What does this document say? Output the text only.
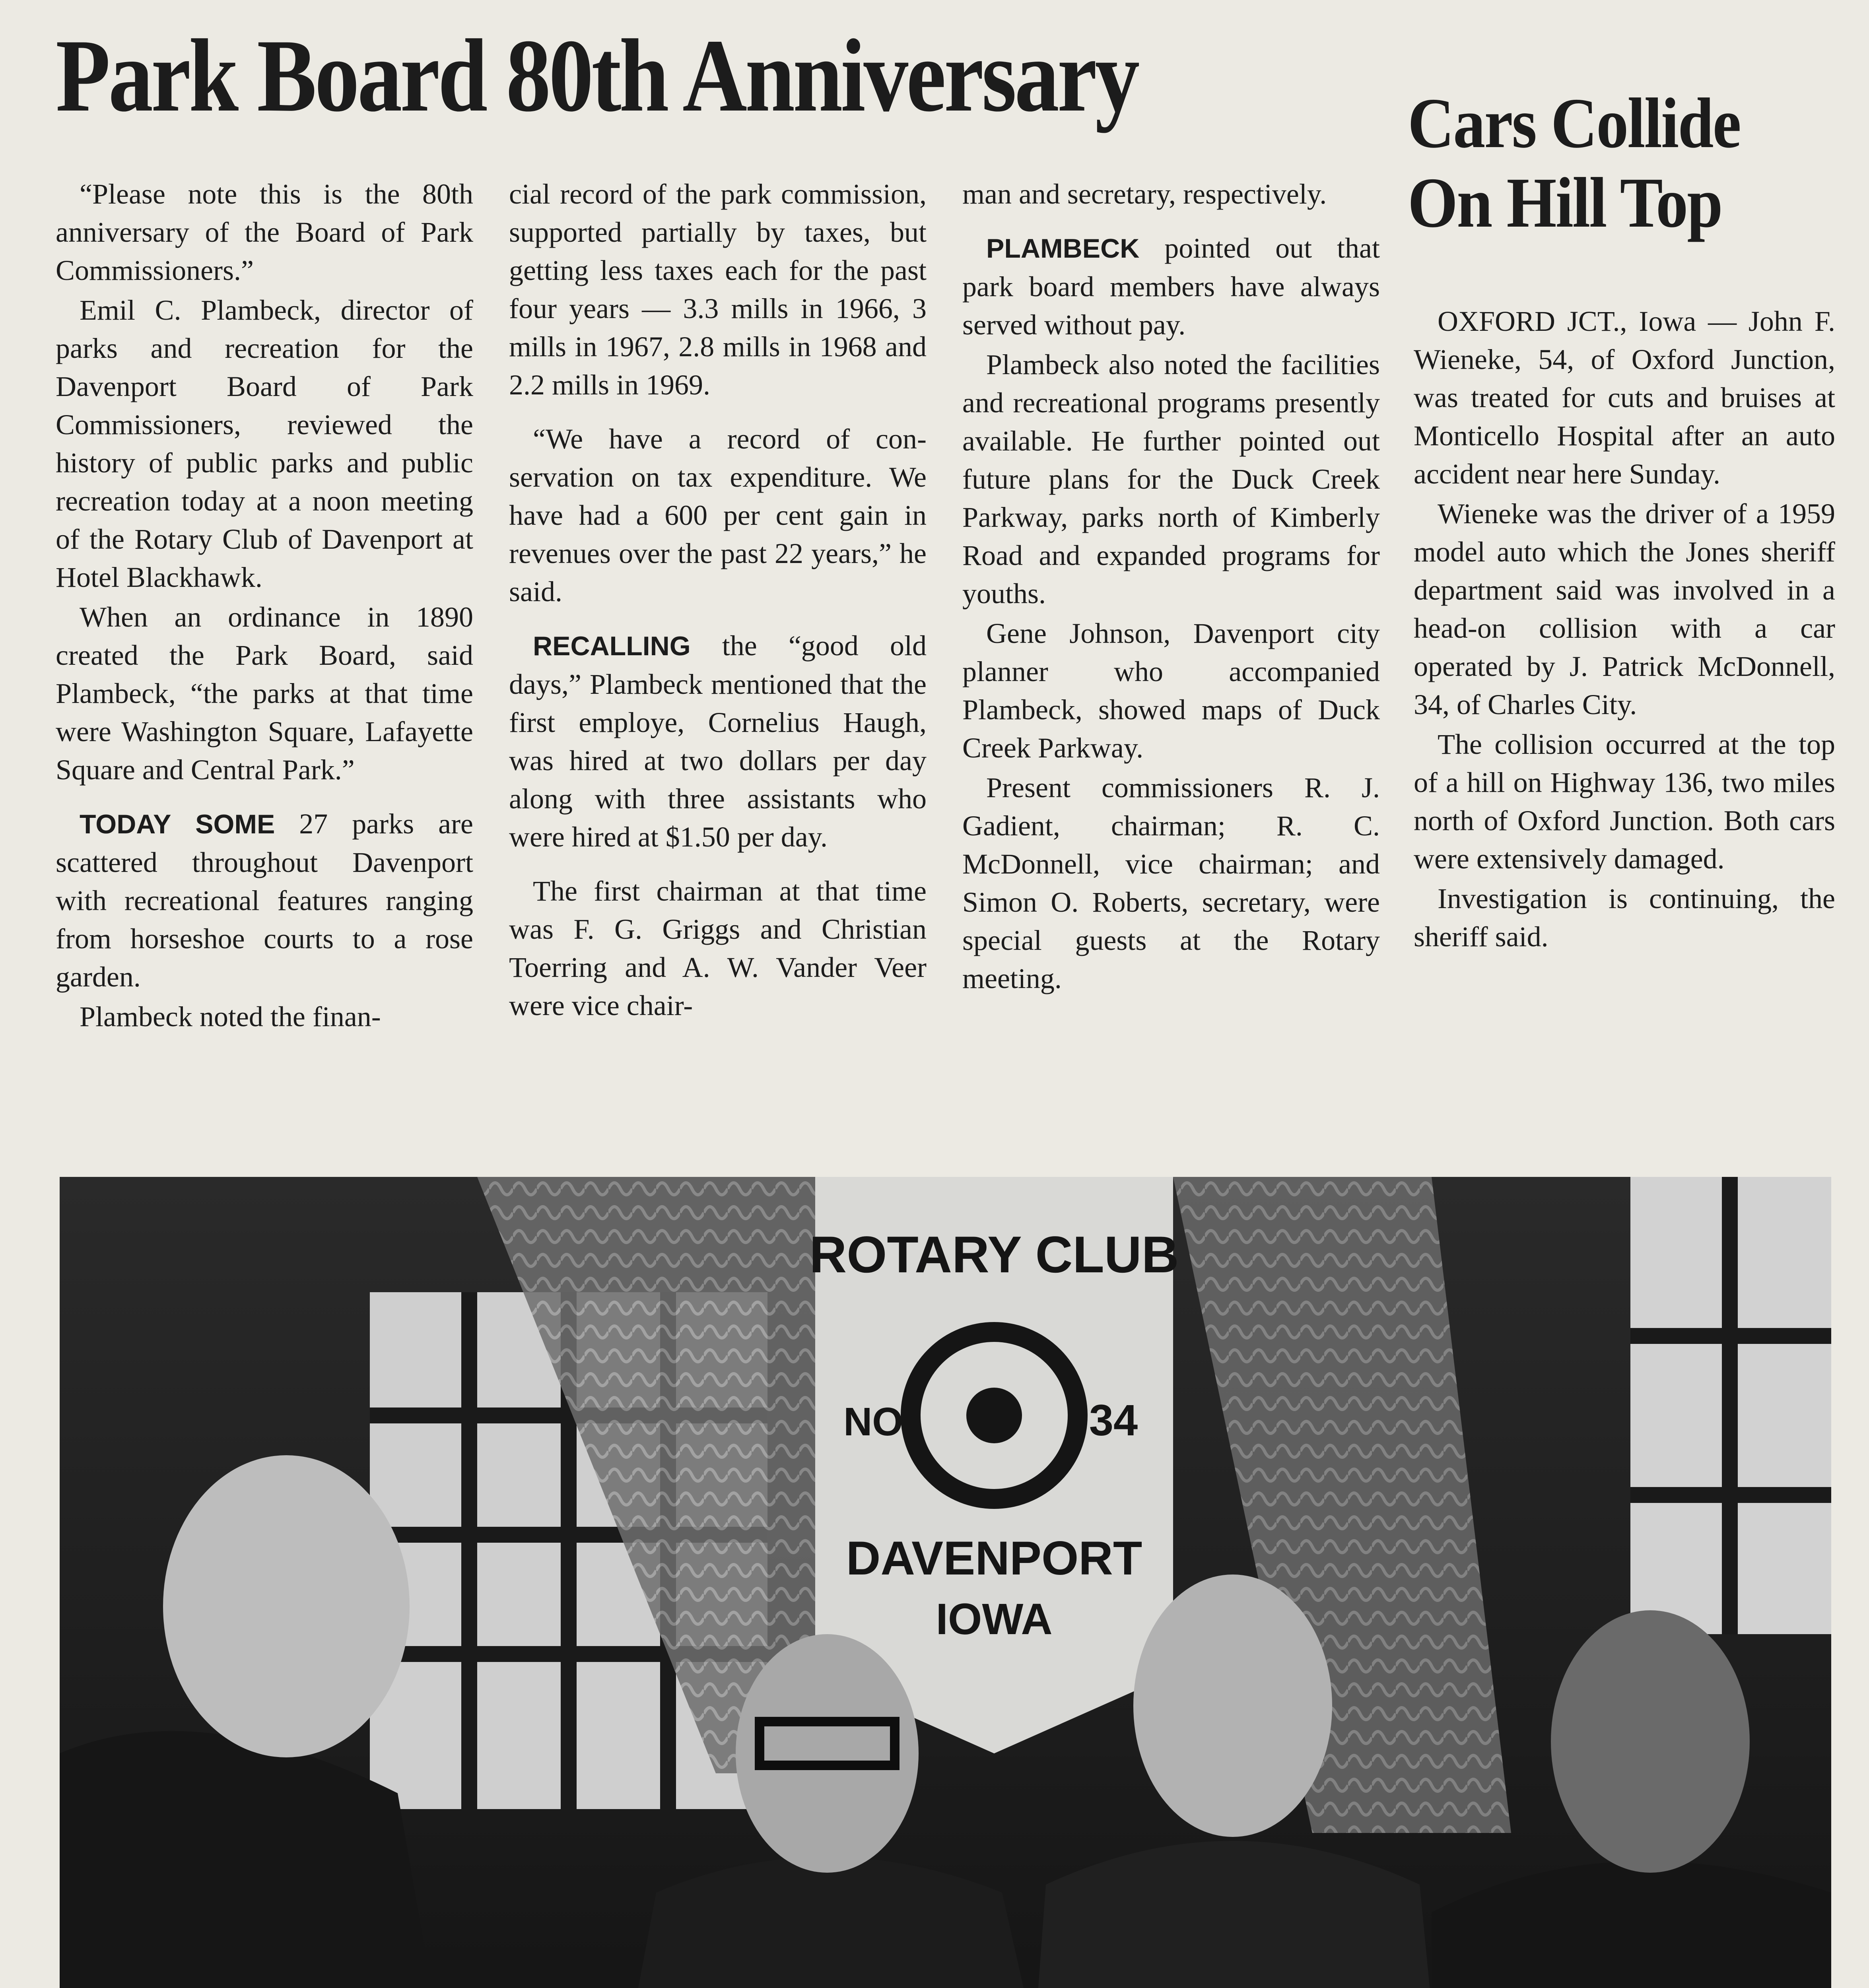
Park Board 80th Anniversary	Cars Collide
On Hill Top

“Please note this is the 80th anniversary of the Board of Park Commissioners.”

Emil C. Plambeck, director of parks and recreation for the Davenport Board of Park Commissioners, reviewed the history of public parks and public recreation today at a noon meeting of the Rotary Club of Davenport at Hotel Blackhawk.

When an ordinance in 1890 created the Park Board, said Plambeck, “the parks at that time were Washington Square, Lafayette Square and Central Park.”

TODAY SOME 27 parks are scattered throughout Davenport with recreational features ranging from horseshoe courts to a rose garden.

Plambeck noted the finan-

cial record of the park commission, supported partially by taxes, but getting less taxes each for the past four years — 3.3 mills in 1966, 3 mills in 1967, 2.8 mills in 1968 and 2.2 mills in 1969.

“We have a record of conservation on tax expenditure. We have had a 600 per cent gain in revenues over the past 22 years,” he said.

RECALLING the “good old days,” Plambeck mentioned that the first employe, Cornelius Haugh, was hired at two dollars per day along with three assistants who were hired at $1.50 per day.

The first chairman at that time was F. G. Griggs and Christian Toerring and A. W. Vander Veer were vice chair-

man and secretary, respectively.

PLAMBECK pointed out that park board members have always served without pay.

Plambeck also noted the facilities and recreational programs presently available. He further pointed out future plans for the Duck Creek Parkway, parks north of Kimberly Road and expanded programs for youths.

Gene Johnson, Davenport city planner who accompanied Plambeck, showed maps of Duck Creek Parkway.

Present commissioners R. J. Gadient, chairman; R. C. McDonnell, vice chairman; and Simon O. Roberts, secretary, were special guests at the Rotary meeting.

OXFORD JCT., Iowa — John F. Wieneke, 54, of Oxford Junction, was treated for cuts and bruises at Monticello Hospital after an auto accident near here Sunday.

Wieneke was the driver of a 1959 model auto which the Jones sheriff department said was involved in a head-on collision with a car operated by J. Patrick McDonnell, 34, of Charles City.

The collision occurred at the top of a hill on Highway 136, two miles north of Oxford Junction. Both cars were extensively damaged.

Investigation is continuing, the sheriff said.

ROTARY CLUB
NO.	34
DAVENPORT
IOWA
